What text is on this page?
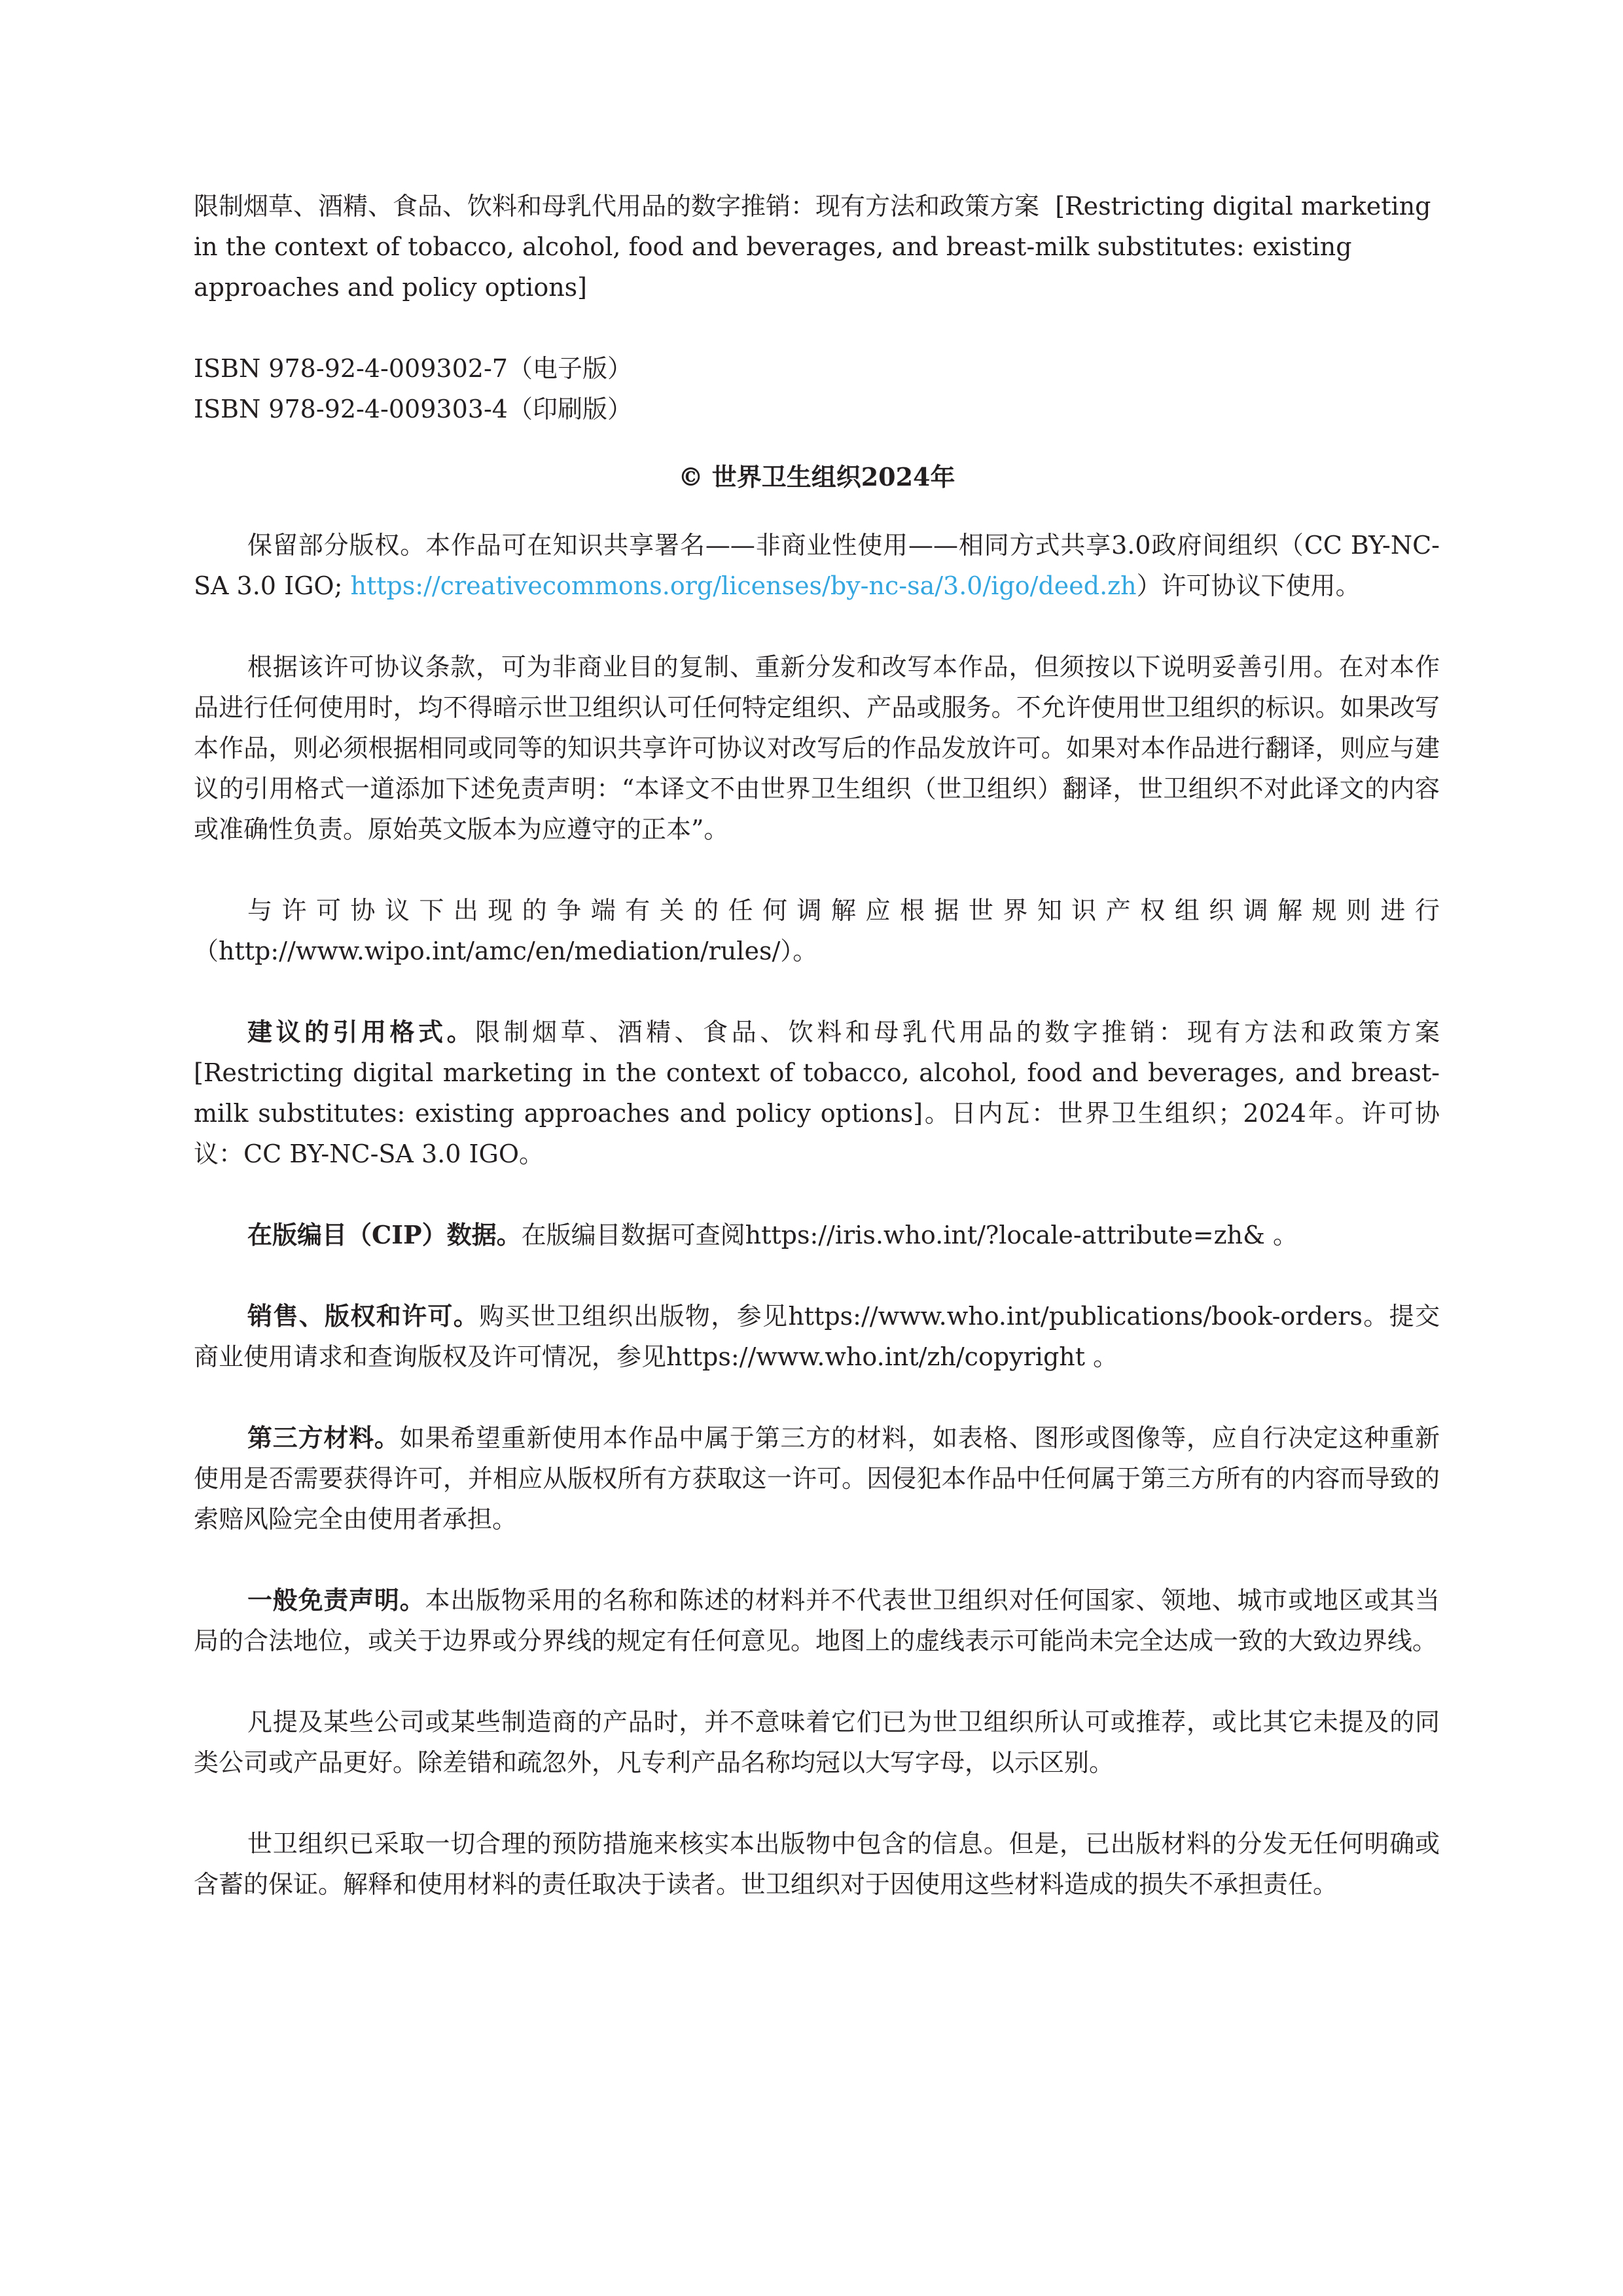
限制烟草、酒精、食品、饮料和母乳代用品的数字推销：现有方法和政策方案 [Restricting digital marketing in the context of tobacco, alcohol, food and beverages, and breast-milk substitutes: existing approaches and policy options]

ISBN 978-92-4-009302-7（电子版）

ISBN 978-92-4-009303-4（印刷版）

© 世界卫生组织2024年

保留部分版权。本作品可在知识共享署名——非商业性使用——相同方式共享3.0政府间组织（CC BY-NC-SA 3.0 IGO; https://creativecommons.org/licenses/by-nc-sa/3.0/igo/deed.zh）许可协议下使用。

根据该许可协议条款，可为非商业目的复制、重新分发和改写本作品，但须按以下说明妥善引用。在对本作品进行任何使用时，均不得暗示世卫组织认可任何特定组织、产品或服务。不允许使用世卫组织的标识。如果改写本作品，则必须根据相同或同等的知识共享许可协议对改写后的作品发放许可。如果对本作品进行翻译，则应与建议的引用格式一道添加下述免责声明：“本译文不由世界卫生组织（世卫组织）翻译，世卫组织不对此译文的内容或准确性负责。原始英文版本为应遵守的正本”。

与许可协议下出现的争端有关的任何调解应根据世界知识产权组织调解规则进行（http://www.wipo.int/amc/en/mediation/rules/）。

建议的引用格式。限制烟草、酒精、食品、饮料和母乳代用品的数字推销：现有方法和政策方案 [Restricting digital marketing in the context of tobacco, alcohol, food and beverages, and breast-milk substitutes: existing approaches and policy options]。日内瓦：世界卫生组织；2024年。许可协议：CC BY-NC-SA 3.0 IGO。

在版编目（CIP）数据。在版编目数据可查阅https://iris.who.int/?locale-attribute=zh& 。

销售、版权和许可。购买世卫组织出版物，参见https://www.who.int/publications/book-orders。提交商业使用请求和查询版权及许可情况，参见https://www.who.int/zh/copyright 。

第三方材料。如果希望重新使用本作品中属于第三方的材料，如表格、图形或图像等，应自行决定这种重新使用是否需要获得许可，并相应从版权所有方获取这一许可。因侵犯本作品中任何属于第三方所有的内容而导致的索赔风险完全由使用者承担。

一般免责声明。本出版物采用的名称和陈述的材料并不代表世卫组织对任何国家、领地、城市或地区或其当局的合法地位，或关于边界或分界线的规定有任何意见。地图上的虚线表示可能尚未完全达成一致的大致边界线。

凡提及某些公司或某些制造商的产品时，并不意味着它们已为世卫组织所认可或推荐，或比其它未提及的同类公司或产品更好。除差错和疏忽外，凡专利产品名称均冠以大写字母，以示区别。

世卫组织已采取一切合理的预防措施来核实本出版物中包含的信息。但是，已出版材料的分发无任何明确或含蓄的保证。解释和使用材料的责任取决于读者。世卫组织对于因使用这些材料造成的损失不承担责任。
